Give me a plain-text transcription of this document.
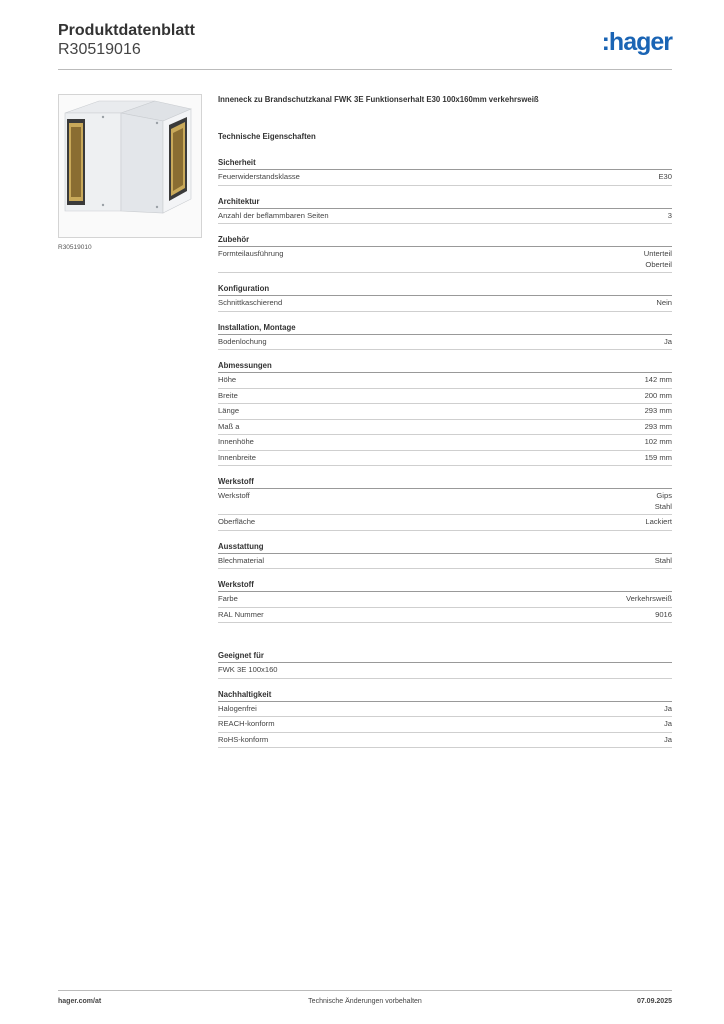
Produktdatenblatt
R30519016	:hager
R30519010
Inneneck zu Brandschutzkanal FWK 3E Funktionserhalt E30 100x160mm verkehrsweiß
Technische Eigenschaften
Sicherheit
Feuerwiderstandsklasse	E30
Architektur
Anzahl der beflammbaren Seiten	3
Zubehör
Formteilausführung	Unterteil
Oberteil
Konfiguration
Schnittkaschierend	Nein
Installation, Montage
Bodenlochung	Ja
Abmessungen
Höhe	142 mm
Breite	200 mm
Länge	293 mm
Maß a	293 mm
Innenhöhe	102 mm
Innenbreite	159 mm
Werkstoff
Werkstoff	Gips
Stahl
Oberfläche	Lackiert
Ausstattung
Blechmaterial	Stahl
Werkstoff
Farbe	Verkehrsweiß
RAL Nummer	9016
Geeignet für
FWK 3E 100x160
Nachhaltigkeit
Halogenfrei	Ja
REACH-konform	Ja
RoHS-konform	Ja
hager.com/at	Technische Änderungen vorbehalten	07.09.2025
